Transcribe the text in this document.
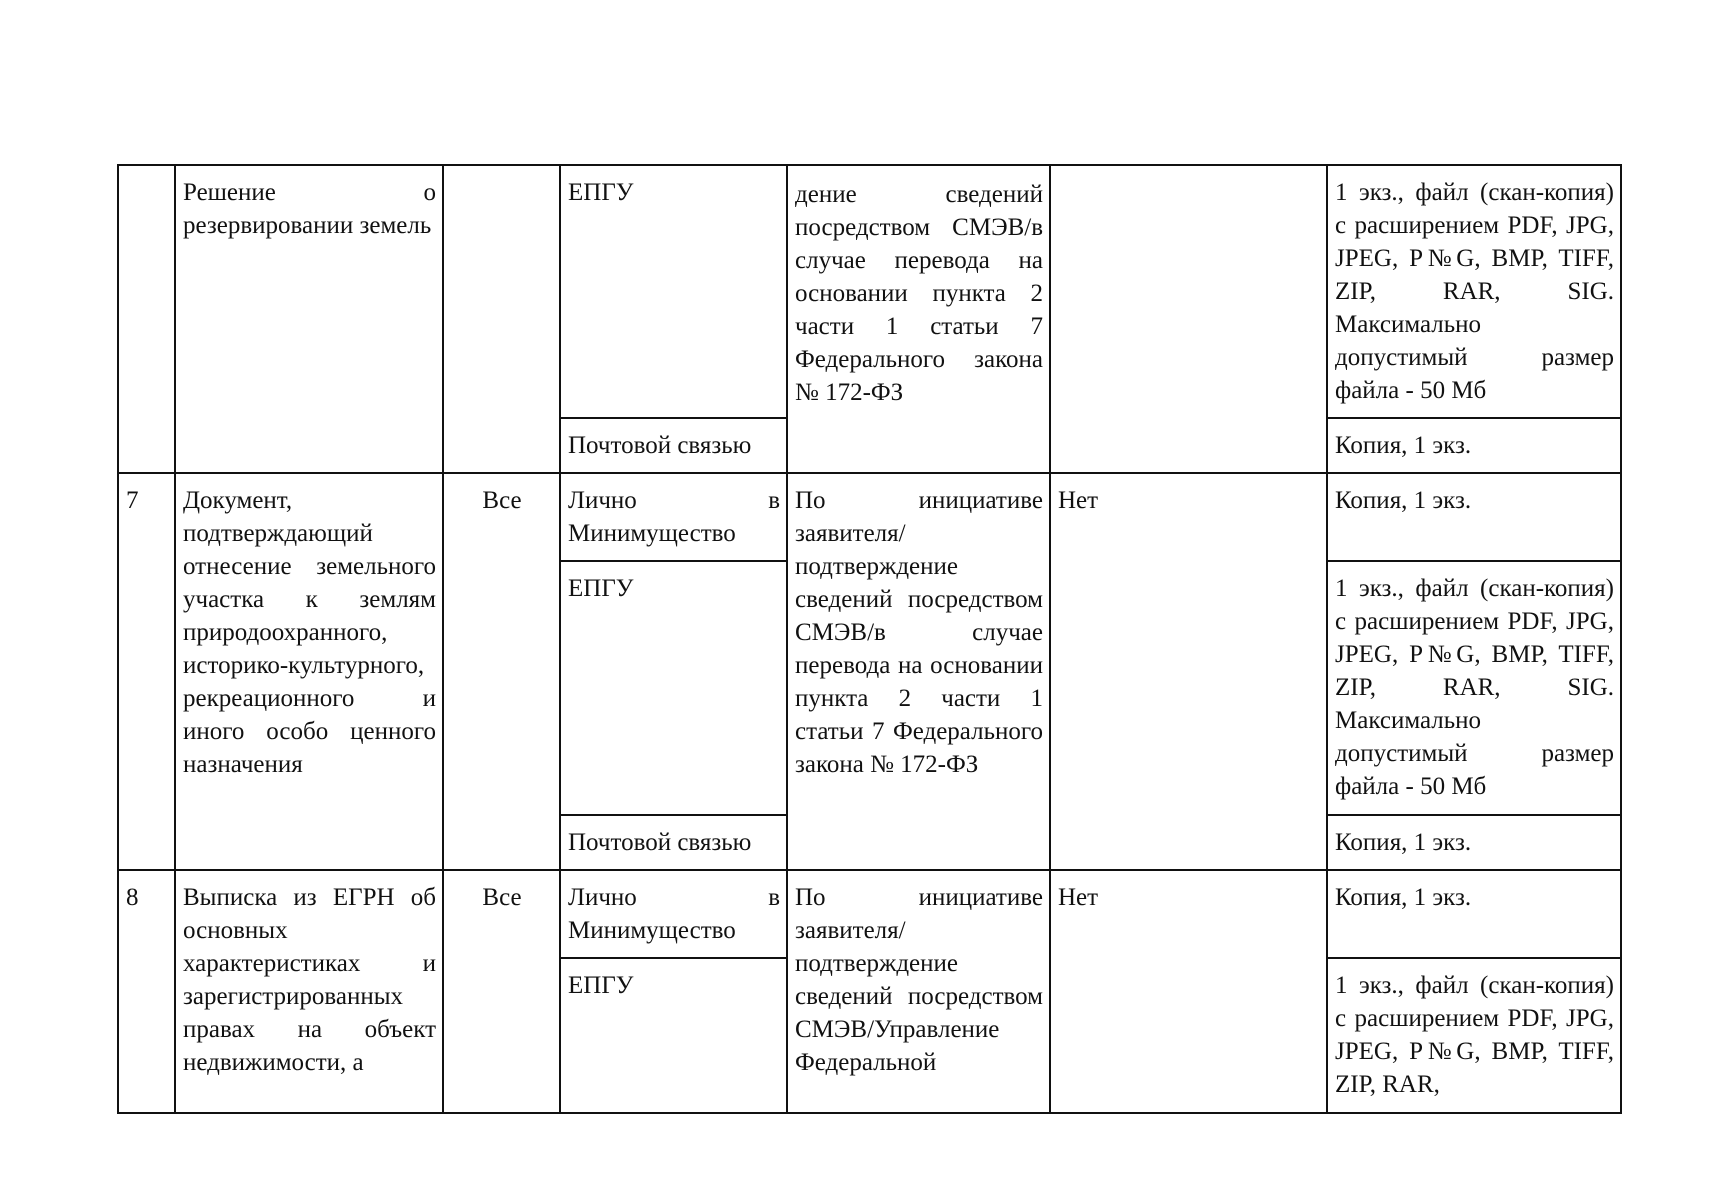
	Решение о резервировании земель		ЕПГУ	дение сведений посредством СМЭВ/в случае перевода на основании пункта 2 части 1 статьи 7 Федерального закона № 172-ФЗ		1 экз., файл (скан-копия) с расширением PDF, JPG, JPEG, P№G, BMP, TIFF, ZIP, RAR, SIG. Максимально допустимый размер файла - 50 Мб
			Почтовой связью			Копия, 1 экз.
7	Документ, подтверждающий отнесение земельного участка к землям природоохранного, историко-культурного, рекреационного и иного особо ценного назначения	Все	Лично в Минимущество	По инициативе заявителя/подтверждение сведений посредством СМЭВ/в случае перевода на основании пункта 2 части 1 статьи 7 Федерального закона № 172-ФЗ	Нет	Копия, 1 экз.
			ЕПГУ			1 экз., файл (скан-копия) с расширением PDF, JPG, JPEG, P№G, BMP, TIFF, ZIP, RAR, SIG. Максимально допустимый размер файла - 50 Мб
			Почтовой связью			Копия, 1 экз.
8	Выписка из ЕГРН об основных характеристиках и зарегистрированных правах на объект недвижимости, а	Все	Лично в Минимущество	По инициативе заявителя/подтверждение сведений посредством СМЭВ/Управление Федеральной	Нет	Копия, 1 экз.
			ЕПГУ			1 экз., файл (скан-копия) с расширением PDF, JPG, JPEG, P№G, BMP, TIFF, ZIP, RAR,
